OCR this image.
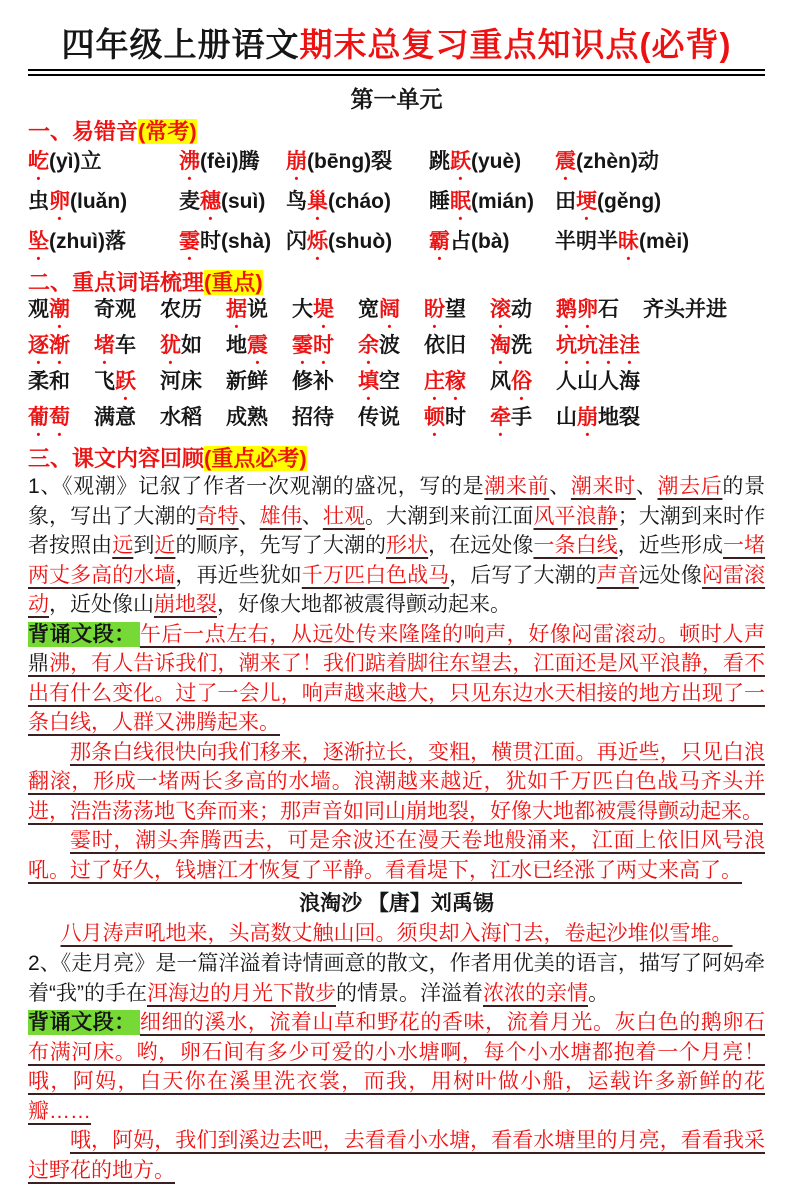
四年级上册语文期末总复习重点知识点(必背)
第一单元
一、易错音(常考)
屹(yì)立	沸(fèi)腾	崩(bēng)裂	跳跃(yuè)	震(zhèn)动
虫卵(luǎn)	麦穗(suì) 鸟巢(cháo)	睡眠(mián)	田埂(gěng)
坠(zhuì)落	霎时(shà) 闪烁(shuò)	霸占(bà)	半明半昧(mèi)
二、重点词语梳理(重点)
观潮 奇观 农历 据说 大堤 宽阔 盼望 滚动 鹅卵石 齐头并进
逐渐 堵车 犹如 地震 霎时 余波 依旧 淘洗 坑坑洼洼
柔和 飞跃 河床 新鲜 修补 填空 庄稼 风俗 人山人海
葡萄 满意 水稻 成熟 招待 传说 顿时 牵手 山崩地裂
三、课文内容回顾(重点必考)

1、《观潮》记叙了作者一次观潮的盛况，写的是潮来前、潮来时、潮去后的景象，写出了大潮的奇特、雄伟、壮观。大潮到来前江面风平浪静；大潮到来时作者按照由远到近的顺序，先写了大潮的形状，在远处像一条白线，近些形成一堵两丈多高的水墙，再近些犹如千万匹白色战马，后写了大潮的声音远处像闷雷滚动，近处像山崩地裂，好像大地都被震得颤动起来。

背诵文段： 午后一点左右，从远处传来隆隆的响声，好像闷雷滚动。顿时人声鼎沸，有人告诉我们，潮来了！我们踮着脚往东望去，江面还是风平浪静，看不出有什么变化。过了一会儿，响声越来越大，只见东边水天相接的地方出现了一条白线，人群又沸腾起来。

那条白线很快向我们移来，逐渐拉长，变粗，横贯江面。再近些，只见白浪翻滚，形成一堵两长多高的水墙。浪潮越来越近，犹如千万匹白色战马齐头并进，浩浩荡荡地飞奔而来；那声音如同山崩地裂，好像大地都被震得颤动起来。

霎时，潮头奔腾西去，可是余波还在漫天卷地般涌来，江面上依旧风号浪吼。过了好久，钱塘江才恢复了平静。看看堤下，江水已经涨了两丈来高了。

浪淘沙 【唐】刘禹锡
八月涛声吼地来，头高数丈触山回。须臾却入海门去，卷起沙堆似雪堆。

2、《走月亮》是一篇洋溢着诗情画意的散文，作者用优美的语言，描写了阿妈牵着“我”的手在洱海边的月光下散步的情景。洋溢着浓浓的亲情。

背诵文段： 细细的溪水，流着山草和野花的香味，流着月光。灰白色的鹅卵石布满河床。哟，卵石间有多少可爱的小水塘啊，每个小水塘都抱着一个月亮！哦，阿妈，白天你在溪里洗衣裳，而我，用树叶做小船，运载许多新鲜的花瓣……

哦，阿妈，我们到溪边去吧，去看看小水塘，看看水塘里的月亮，看看我采过野花的地方。
